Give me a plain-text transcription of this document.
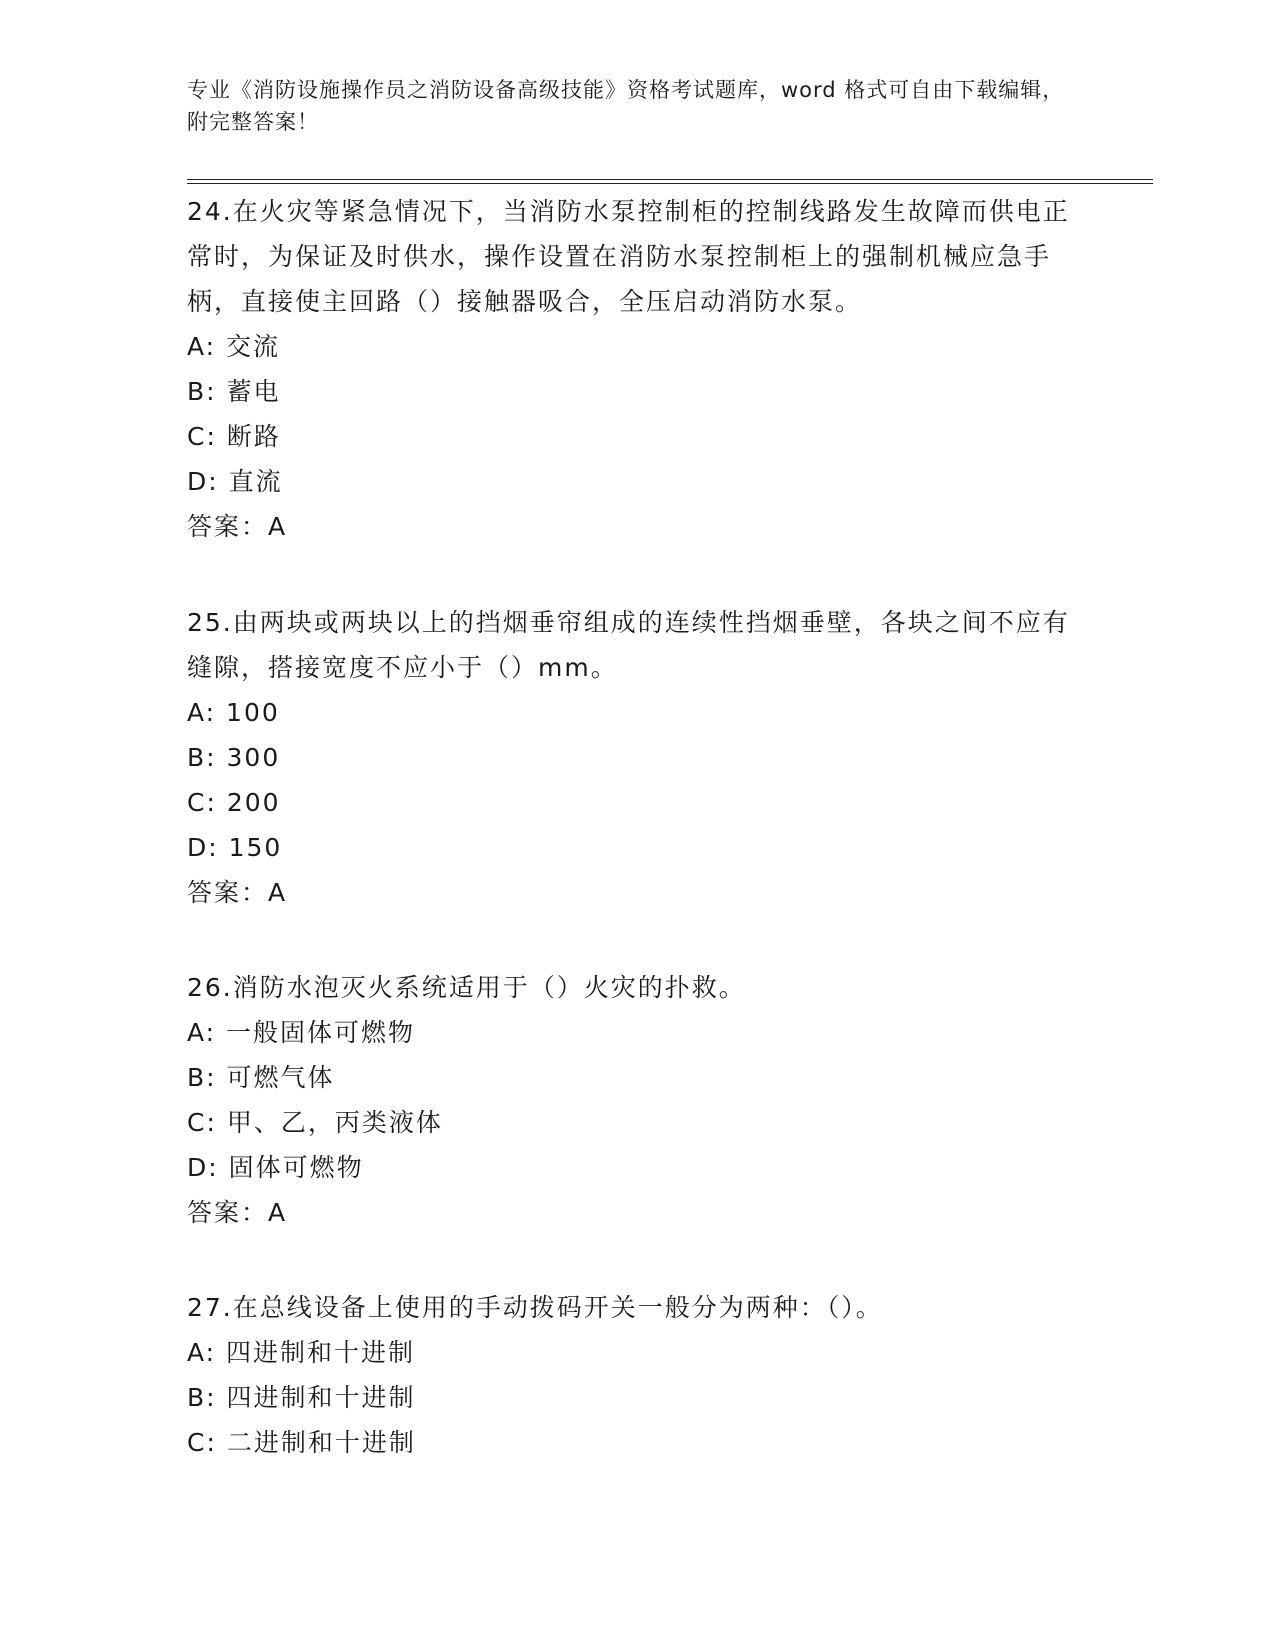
专业《消防设施操作员之消防设备高级技能》资格考试题库，word 格式可自由下载编辑，附完整答案！

24.在火灾等紧急情况下，当消防水泵控制柜的控制线路发生故障而供电正常时，为保证及时供水，操作设置在消防水泵控制柜上的强制机械应急手柄，直接使主回路（）接触器吸合，全压启动消防水泵。

A: 交流

B: 蓄电

C: 断路

D: 直流

答案：A

25.由两块或两块以上的挡烟垂帘组成的连续性挡烟垂壁，各块之间不应有缝隙，搭接宽度不应小于（）mm。

A: 100

B: 300

C: 200

D: 150

答案：A

26.消防水泡灭火系统适用于（）火灾的扑救。

A: 一般固体可燃物

B: 可燃气体

C: 甲、乙，丙类液体

D: 固体可燃物

答案：A

27.在总线设备上使用的手动拨码开关一般分为两种：（）。

A: 四进制和十进制

B: 四进制和十进制

C: 二进制和十进制
